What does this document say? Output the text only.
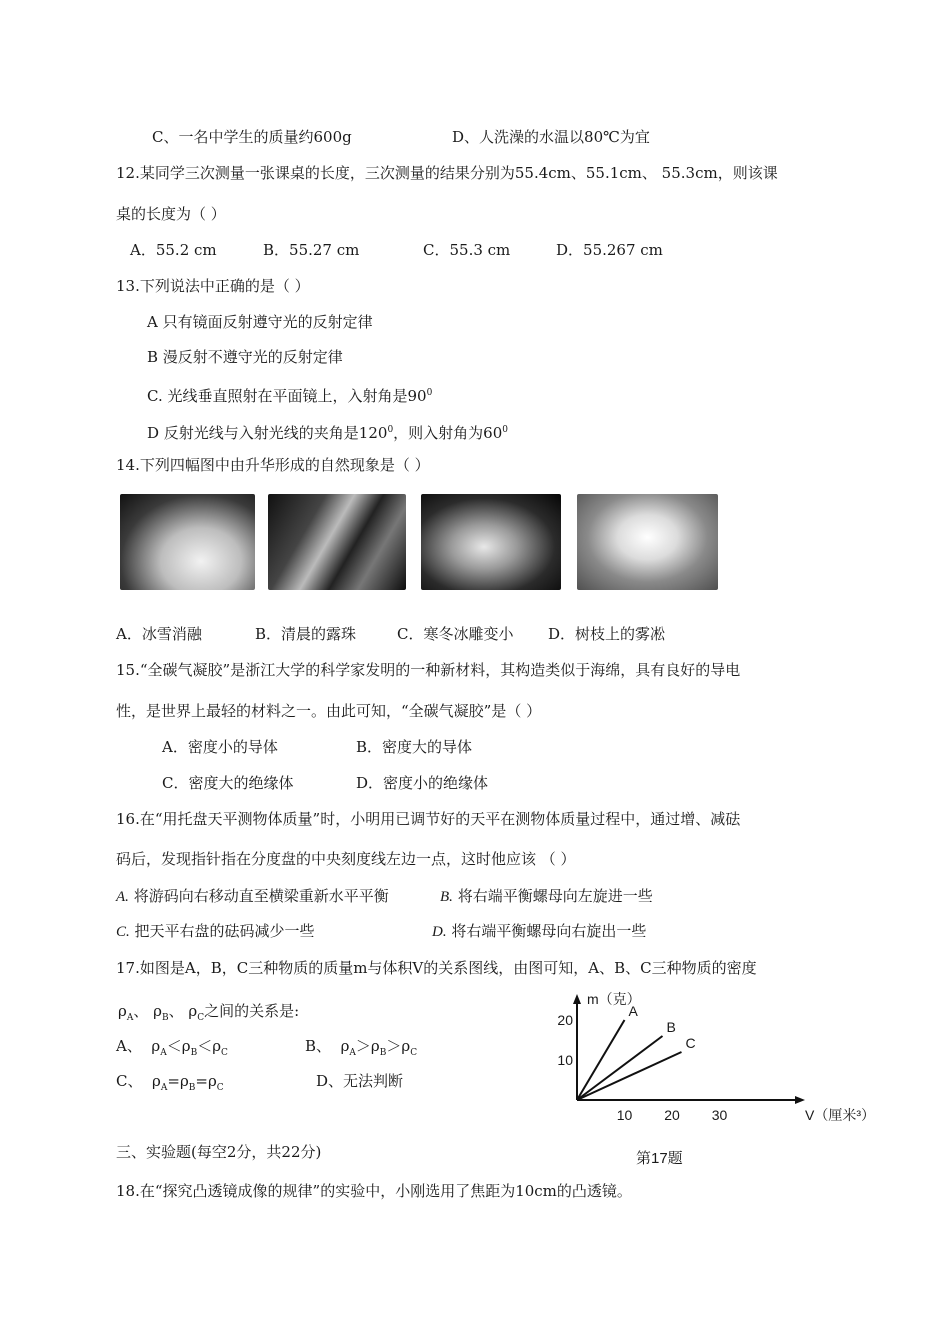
C、一名中学生的质量约600g	D、人洗澡的水温以80℃为宜
12.某同学三次测量一张课桌的长度，三次测量的结果分别为55.4cm、55.1cm、 55.3cm，则该课
桌的长度为（ ）
A．55.2 cm	B．55.27 cm	C．55.3 cm	D．55.267 cm
13.下列说法中正确的是（ ）
A 只有镜面反射遵守光的反射定律
B 漫反射不遵守光的反射定律
C. 光线垂直照射在平面镜上，入射角是$90^0$
D 反射光线与入射光线的夹角是$120^0$，则入射角为$60^0$
14.下列四幅图中由升华形成的自然现象是（ ）
A．冰雪消融	B．清晨的露珠	C．寒冬冰雕变小 D．树枝上的雾凇
15.“全碳气凝胶”是浙江大学的科学家发明的一种新材料，其构造类似于海绵，具有良好的导电
性，是世界上最轻的材料之一。由此可知，“全碳气凝胶”是（ ）
A．密度小的导体	B．密度大的导体
C．密度大的绝缘体	D．密度小的绝缘体
16.在“用托盘天平测物体质量”时，小明用已调节好的天平在测物体质量过程中，通过增、减砝
码后，发现指针指在分度盘的中央刻度线左边一点，这时他应该 （ ）
A. 将游码向右移动直至横梁重新水平平衡	B. 将右端平衡螺母向左旋进一些
C. 把天平右盘的砝码减少一些	D. 将右端平衡螺母向右旋出一些
17.如图是A，B，C三种物质的质量m与体积V的关系图线，由图可知，A、B、C三种物质的密度
$\rho_A$、 $\rho_B$、 $\rho_C$之间的关系是:
A、 $\rho_A<\rho_B<\rho_C$	B、 $\rho_A>\rho_B>\rho_C$
C、 $\rho_A=\rho_B=\rho_C$	D、无法判断
m（克）
V（厘米³）
10 20 30
10
20
A
B
C
第17题
三、实验题(每空2分，共22分)
18.在“探究凸透镜成像的规律”的实验中，小刚选用了焦距为10cm的凸透镜。
